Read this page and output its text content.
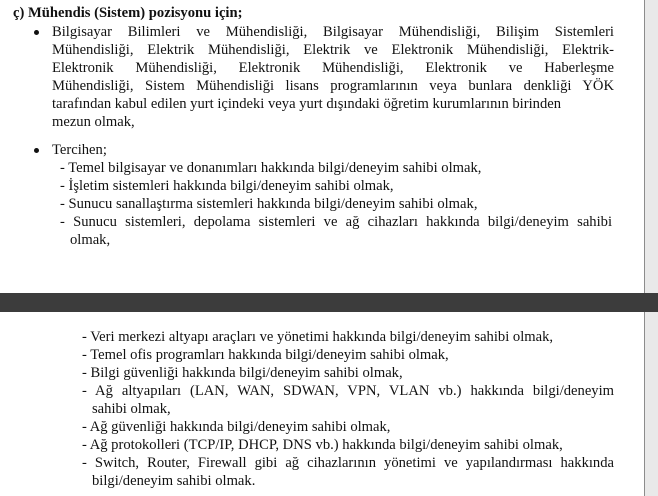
ç) Mühendis (Sistem) pozisyonu için;
Bilgisayar Bilimleri ve Mühendisliği, Bilgisayar Mühendisliği, Bilişim Sistemleri
Mühendisliği, Elektrik Mühendisliği, Elektrik ve Elektronik Mühendisliği, Elektrik-
Elektronik Mühendisliği, Elektronik Mühendisliği, Elektronik ve Haberleşme
Mühendisliği, Sistem Mühendisliği lisans programlarının veya bunlara denkliği YÖK
tarafından kabul edilen yurt içindeki veya yurt dışındaki öğretim kurumlarının birinden
mezun olmak,
Tercihen;
- Temel bilgisayar ve donanımları hakkında bilgi/deneyim sahibi olmak,
- İşletim sistemleri hakkında bilgi/deneyim sahibi olmak,
- Sunucu sanallaştırma sistemleri hakkında bilgi/deneyim sahibi olmak,
- Sunucu sistemleri, depolama sistemleri ve ağ cihazları hakkında bilgi/deneyim sahibi
olmak,
- Veri merkezi altyapı araçları ve yönetimi hakkında bilgi/deneyim sahibi olmak,
- Temel ofis programları hakkında bilgi/deneyim sahibi olmak,
- Bilgi güvenliği hakkında bilgi/deneyim sahibi olmak,
- Ağ altyapıları (LAN, WAN, SDWAN, VPN, VLAN vb.) hakkında bilgi/deneyim
sahibi olmak,
- Ağ güvenliği hakkında bilgi/deneyim sahibi olmak,
- Ağ protokolleri (TCP/IP, DHCP, DNS vb.) hakkında bilgi/deneyim sahibi olmak,
- Switch, Router, Firewall gibi ağ cihazlarının yönetimi ve yapılandırması hakkında
bilgi/deneyim sahibi olmak.
